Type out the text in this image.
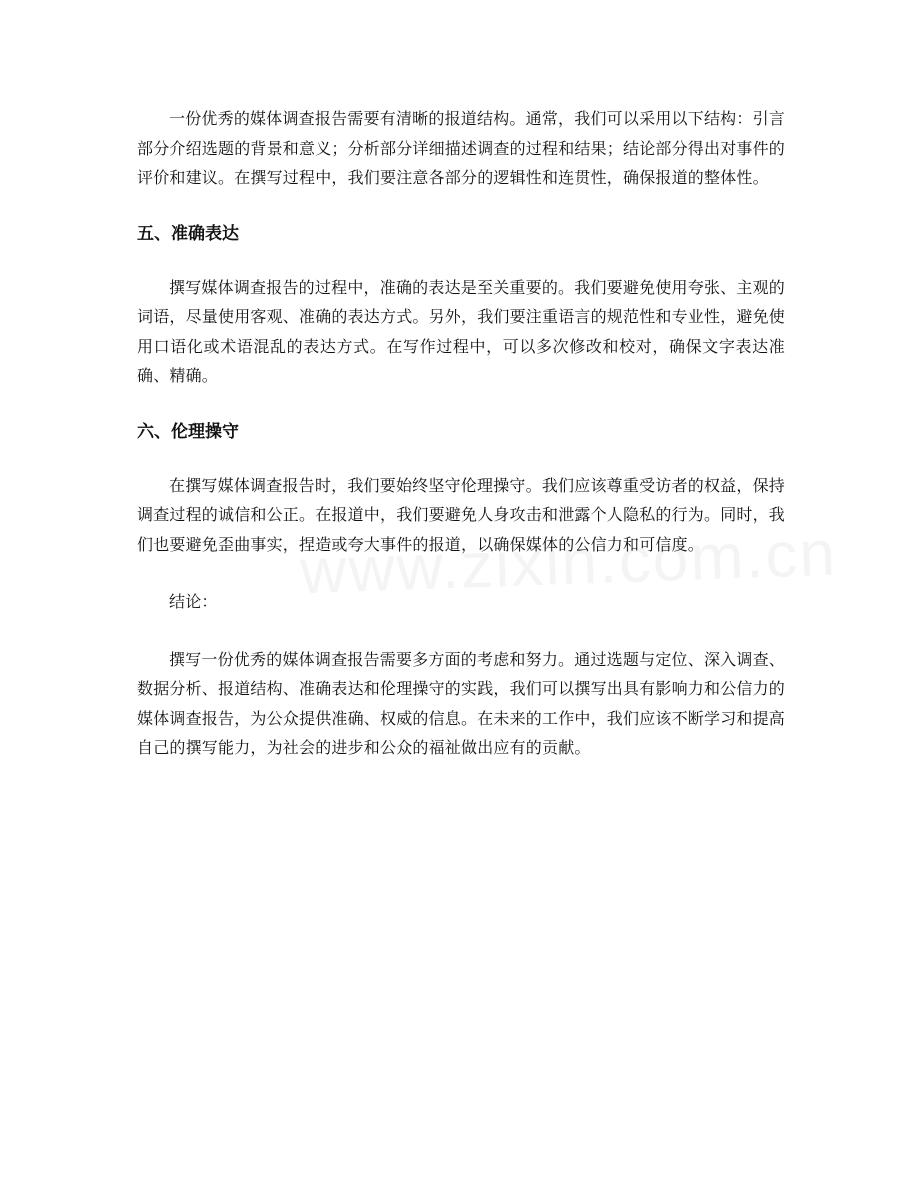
一份优秀的媒体调查报告需要有清晰的报道结构。通常，我们可以采用以下结构：引言部分介绍选题的背景和意义；分析部分详细描述调查的过程和结果；结论部分得出对事件的评价和建议。在撰写过程中，我们要注意各部分的逻辑性和连贯性，确保报道的整体性。

五、准确表达

撰写媒体调查报告的过程中，准确的表达是至关重要的。我们要避免使用夸张、主观的词语，尽量使用客观、准确的表达方式。另外，我们要注重语言的规范性和专业性，避免使用口语化或术语混乱的表达方式。在写作过程中，可以多次修改和校对，确保文字表达准确、精确。

六、伦理操守

在撰写媒体调查报告时，我们要始终坚守伦理操守。我们应该尊重受访者的权益，保持调查过程的诚信和公正。在报道中，我们要避免人身攻击和泄露个人隐私的行为。同时，我们也要避免歪曲事实，捏造或夸大事件的报道，以确保媒体的公信力和可信度。

结论：

撰写一份优秀的媒体调查报告需要多方面的考虑和努力。通过选题与定位、深入调查、数据分析、报道结构、准确表达和伦理操守的实践，我们可以撰写出具有影响力和公信力的媒体调查报告，为公众提供准确、权威的信息。在未来的工作中，我们应该不断学习和提高自己的撰写能力，为社会的进步和公众的福祉做出应有的贡献。
